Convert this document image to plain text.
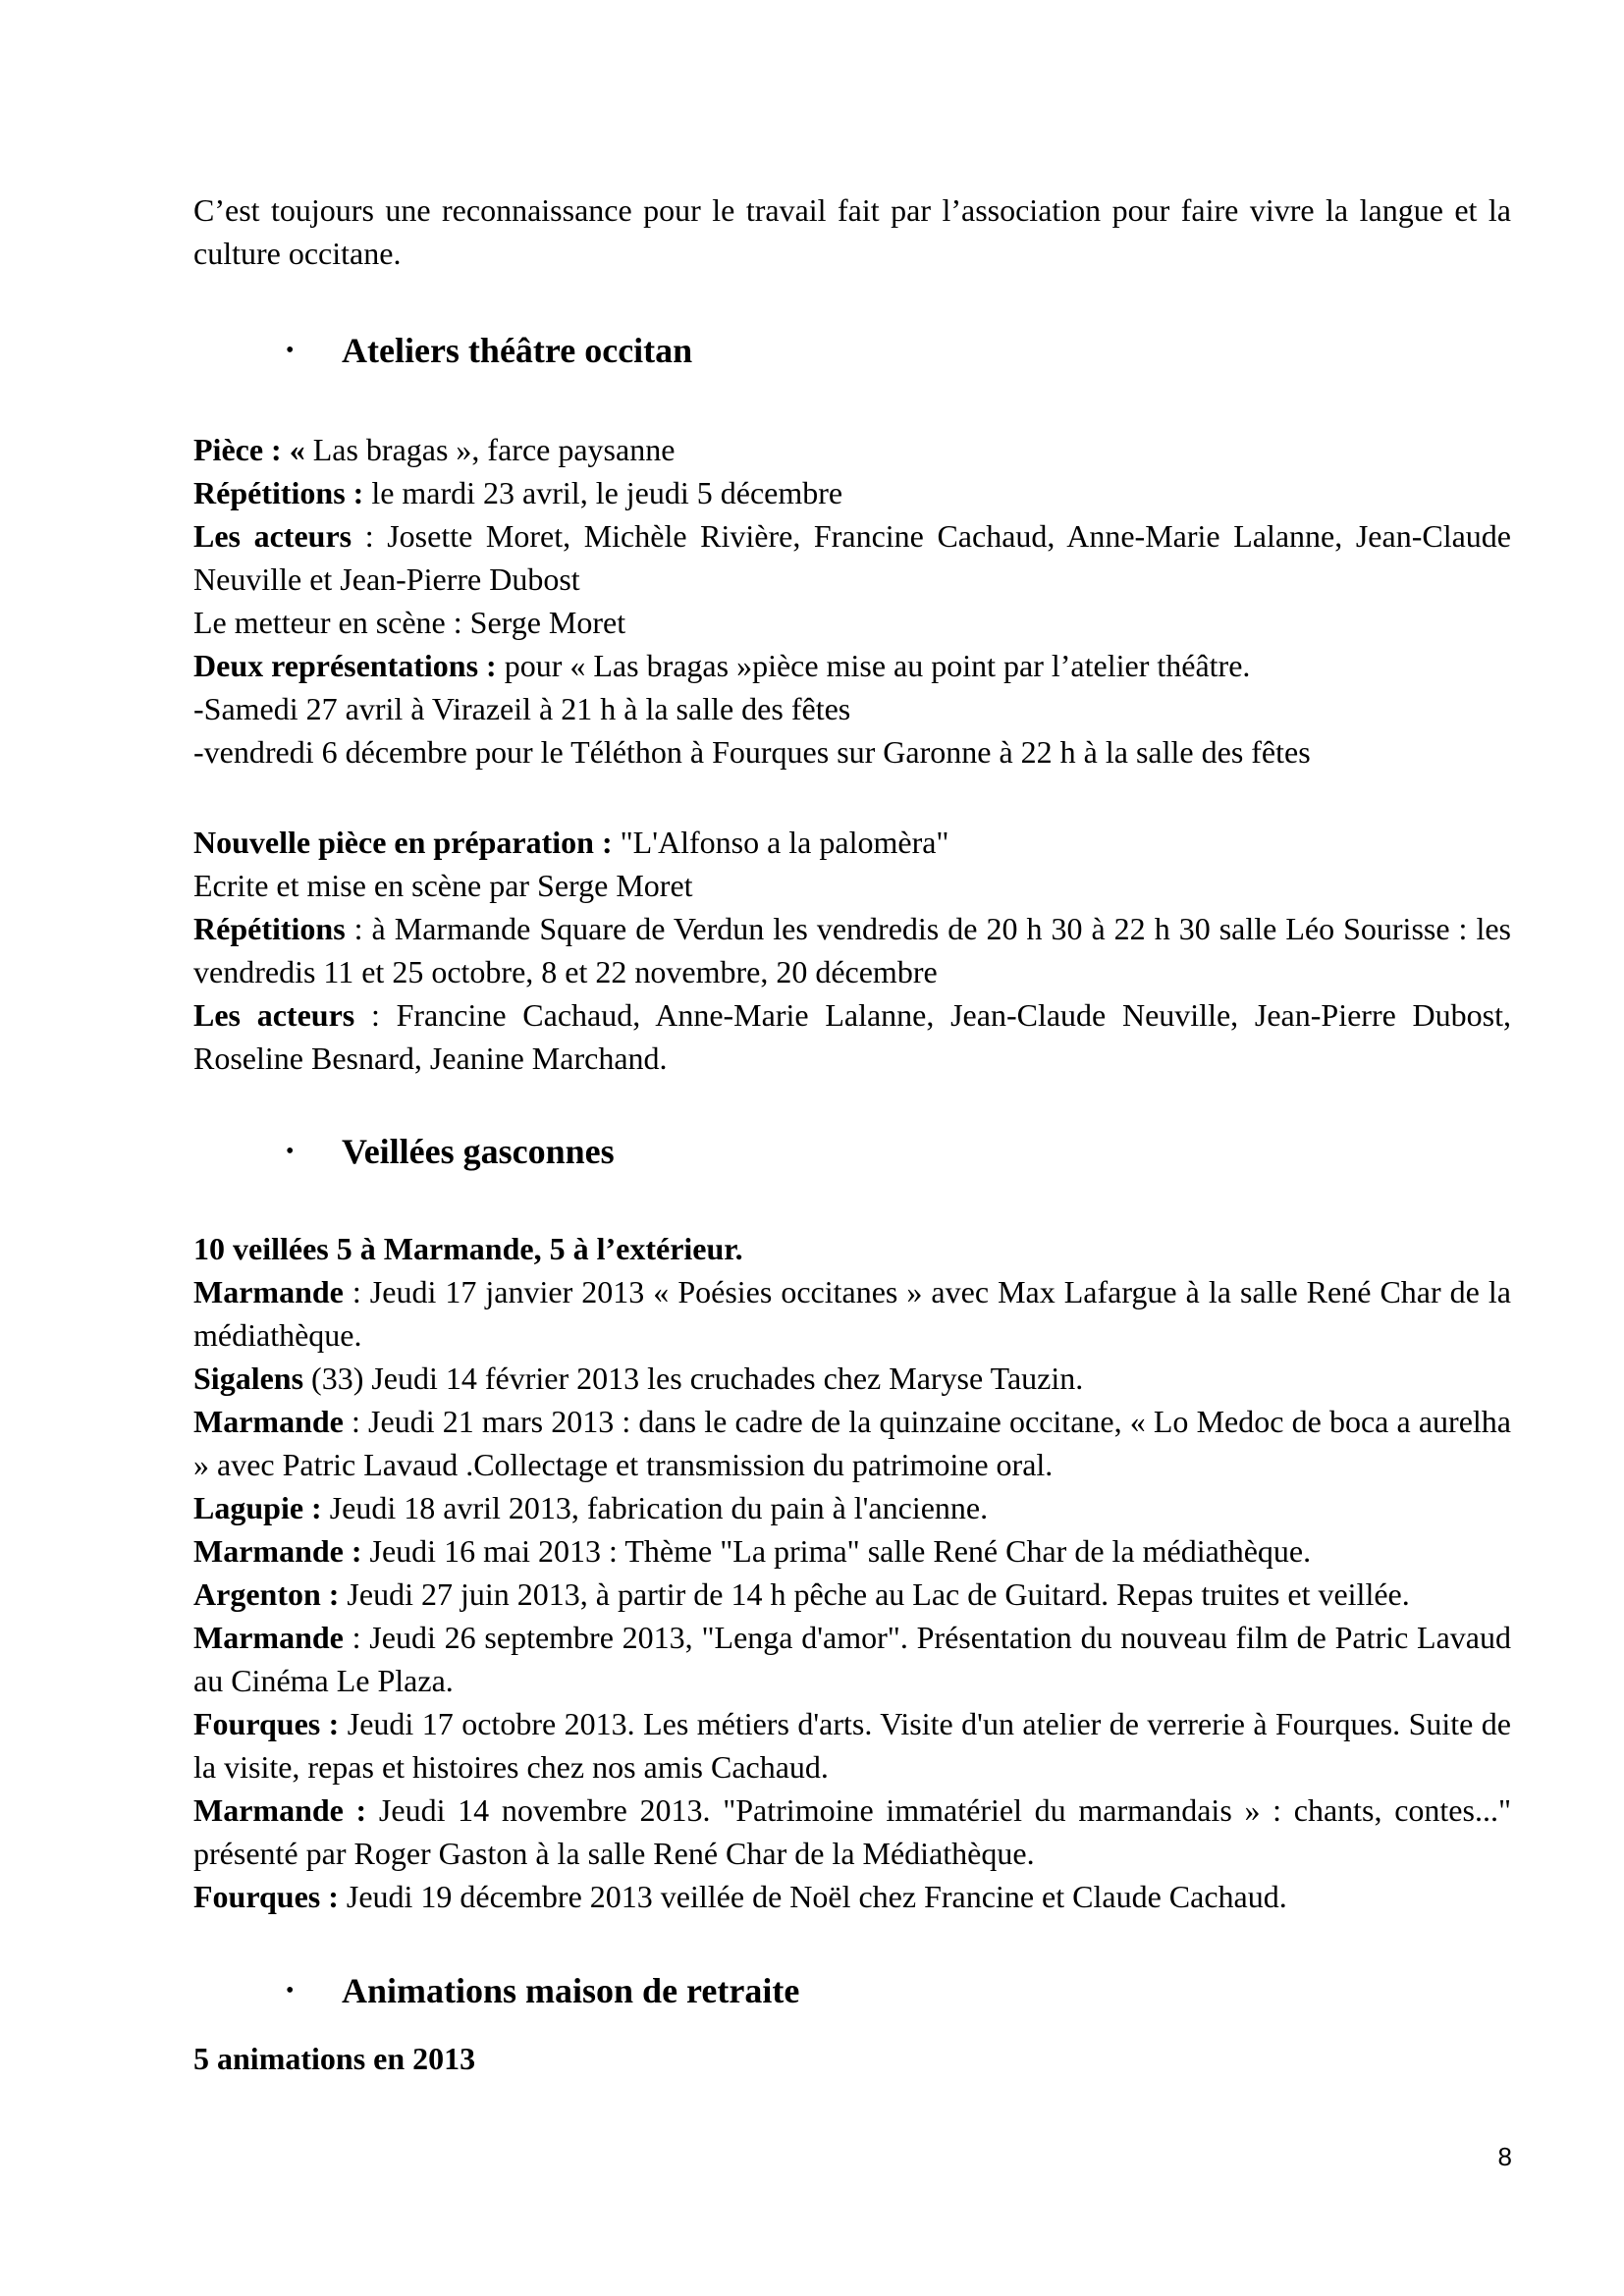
C’est toujours une reconnaissance pour le travail fait par l’association pour faire vivre la langue et la culture occitane.

• Ateliers théâtre occitan

Pièce : « Las bragas », farce paysanne

Répétitions : le mardi 23 avril, le jeudi 5 décembre

Les acteurs : Josette Moret, Michèle Rivière, Francine Cachaud, Anne-Marie Lalanne, Jean-Claude Neuville et Jean-Pierre Dubost

Le metteur en scène : Serge Moret

Deux représentations : pour « Las bragas »pièce mise au point par l’atelier théâtre.

-Samedi 27 avril à Virazeil à 21 h à la salle des fêtes

-vendredi 6 décembre pour le Téléthon à Fourques sur Garonne à 22 h à la salle des fêtes

Nouvelle pièce en préparation : "L'Alfonso a la palomèra"

Ecrite et mise en scène par Serge Moret

Répétitions : à Marmande Square de Verdun les vendredis de 20 h 30 à 22 h 30 salle Léo Sourisse : les vendredis 11 et 25 octobre, 8 et 22 novembre, 20 décembre

Les acteurs : Francine Cachaud, Anne-Marie Lalanne, Jean-Claude Neuville, Jean-Pierre Dubost, Roseline Besnard, Jeanine Marchand.

• Veillées gasconnes

10 veillées 5 à Marmande, 5 à l’extérieur.

Marmande : Jeudi 17 janvier 2013 « Poésies occitanes » avec Max Lafargue à la salle René Char de la médiathèque.

Sigalens (33) Jeudi 14 février 2013 les cruchades chez Maryse Tauzin.

Marmande : Jeudi 21 mars 2013 : dans le cadre de la quinzaine occitane, « Lo Medoc de boca a aurelha » avec Patric Lavaud .Collectage et transmission du patrimoine oral.

Lagupie : Jeudi 18 avril 2013, fabrication du pain à l'ancienne.

Marmande : Jeudi 16 mai 2013 : Thème "La prima" salle René Char de la médiathèque.

Argenton : Jeudi 27 juin 2013, à partir de 14 h pêche au Lac de Guitard. Repas truites et veillée.

Marmande : Jeudi 26 septembre 2013, "Lenga d'amor". Présentation du nouveau film de Patric Lavaud au Cinéma Le Plaza.

Fourques : Jeudi 17 octobre 2013. Les métiers d'arts. Visite d'un atelier de verrerie à Fourques. Suite de la visite, repas et histoires chez nos amis Cachaud.

Marmande : Jeudi 14 novembre 2013. "Patrimoine immatériel du marmandais » : chants, contes..." présenté par Roger Gaston à la salle René Char de la Médiathèque.

Fourques : Jeudi 19 décembre 2013 veillée de Noël chez Francine et Claude Cachaud.

• Animations maison de retraite

5 animations en 2013

8
